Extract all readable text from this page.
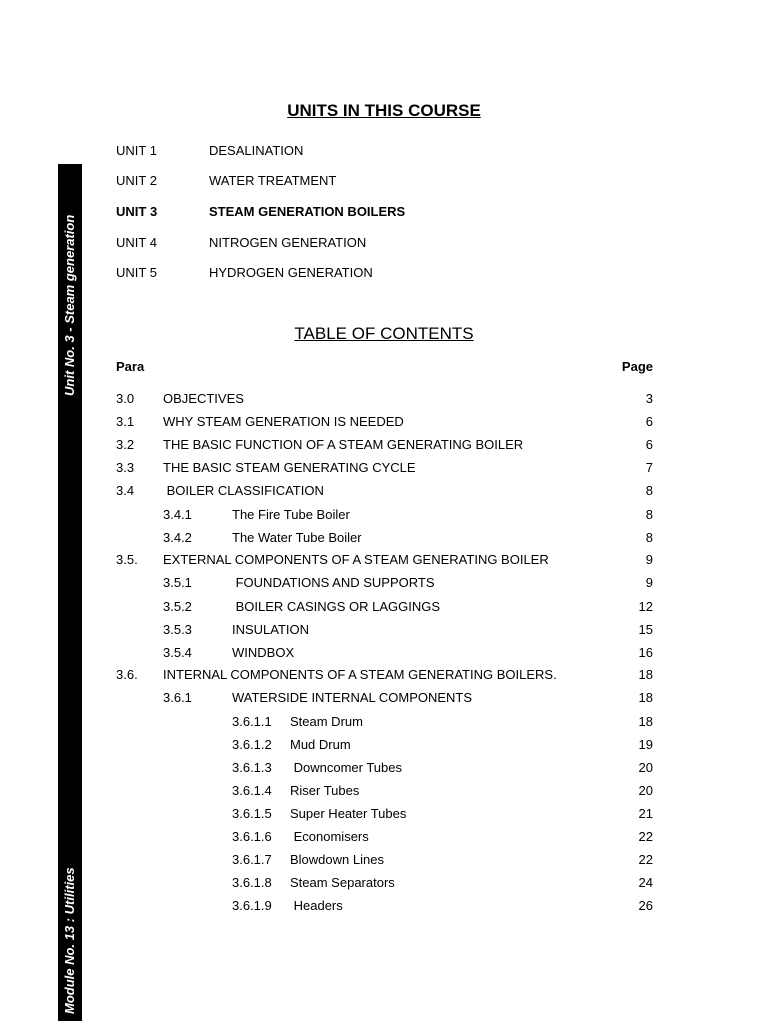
Unit No. 3 - Steam generation
Module No. 13 : Utilities
UNITS IN THIS COURSE
UNIT 1	DESALINATION
UNIT 2	WATER TREATMENT
UNIT 3	STEAM GENERATION BOILERS
UNIT 4	NITROGEN GENERATION
UNIT 5	HYDROGEN GENERATION
TABLE OF CONTENTS
Para	Page
3.0 OBJECTIVES	3
3.1 WHY STEAM GENERATION IS NEEDED	6
3.2 THE BASIC FUNCTION OF A STEAM GENERATING BOILER	6
3.3 THE BASIC STEAM GENERATING CYCLE	7
3.4 BOILER CLASSIFICATION	8
3.4.1	The Fire Tube Boiler	8
3.4.2	The Water Tube Boiler	8
3.5. EXTERNAL COMPONENTS OF A STEAM GENERATING BOILER	9
3.5.1	FOUNDATIONS AND SUPPORTS	9
3.5.2	BOILER CASINGS OR LAGGINGS	12
3.5.3	INSULATION	15
3.5.4	WINDBOX	16
3.6. INTERNAL COMPONENTS OF A STEAM GENERATING BOILERS.	18
3.6.1	WATERSIDE INTERNAL COMPONENTS	18
3.6.1.1 Steam Drum	18
3.6.1.2 Mud Drum	19
3.6.1.3 Downcomer Tubes	20
3.6.1.4 Riser Tubes	20
3.6.1.5 Super Heater Tubes	21
3.6.1.6 Economisers	22
3.6.1.7 Blowdown Lines	22
3.6.1.8 Steam Separators	24
3.6.1.9 Headers	26
